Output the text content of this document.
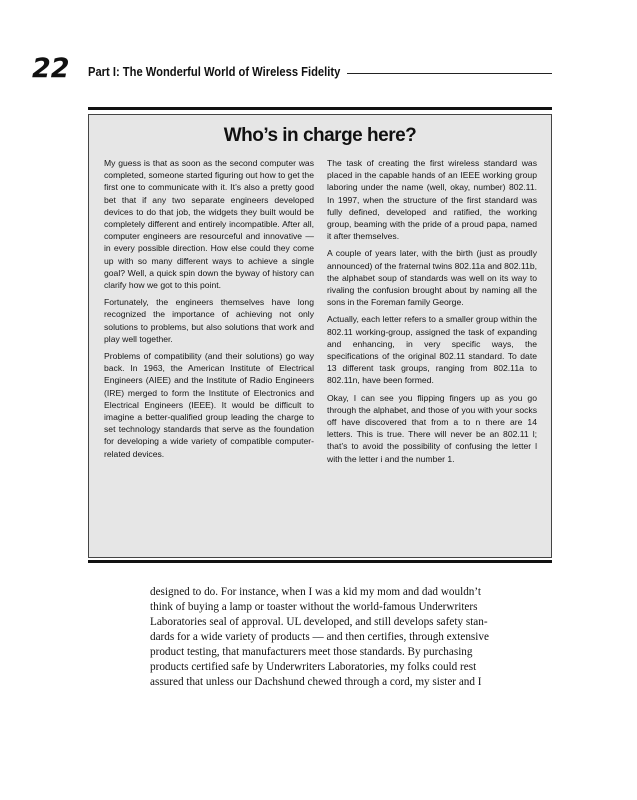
22 Part I: The Wonderful World of Wireless Fidelity
Who’s in charge here?

My guess is that as soon as the second computer was completed, someone started figuring out how to get the first one to communicate with it. It’s also a pretty good bet that if any two separate engineers developed devices to do that job, the widgets they built would be completely different and entirely incompatible. After all, computer engineers are resourceful and innovative — in every possible direction. How else could they come up with so many different ways to achieve a single goal? Well, a quick spin down the byway of history can clarify how we got to this point.

Fortunately, the engineers themselves have long recognized the importance of achieving not only solutions to problems, but also solutions that work and play well together.

Problems of compatibility (and their solutions) go way back. In 1963, the American Institute of Electrical Engineers (AIEE) and the Institute of Radio Engineers (IRE) merged to form the Institute of Electronics and Electrical Engineers (IEEE). It would be difficult to imagine a better-qualified group leading the charge to set technology standards that serve as the foundation for developing a wide variety of compatible computer-related devices.

The task of creating the first wireless standard was placed in the capable hands of an IEEE working group laboring under the name (well, okay, number) 802.11. In 1997, when the structure of the first standard was fully defined, developed and ratified, the working group, beaming with the pride of a proud papa, named it after themselves.

A couple of years later, with the birth (just as proudly announced) of the fraternal twins 802.11a and 802.11b, the alphabet soup of standards was well on its way to rivaling the confusion brought about by naming all the sons in the Foreman family George.

Actually, each letter refers to a smaller group within the 802.11 working-group, assigned the task of expanding and enhancing, in very specific ways, the specifications of the original 802.11 standard. To date 13 different task groups, ranging from 802.11a to 802.11n, have been formed.

Okay, I can see you flipping fingers up as you go through the alphabet, and those of you with your socks off have discovered that from a to n there are 14 letters. This is true. There will never be an 802.11 l; that’s to avoid the possibility of confusing the letter l with the letter i and the number 1.

designed to do. For instance, when I was a kid my mom and dad wouldn’t
think of buying a lamp or toaster without the world-famous Underwriters
Laboratories seal of approval. UL developed, and still develops safety stan-
dards for a wide variety of products — and then certifies, through extensive
product testing, that manufacturers meet those standards. By purchasing
products certified safe by Underwriters Laboratories, my folks could rest
assured that unless our Dachshund chewed through a cord, my sister and I
